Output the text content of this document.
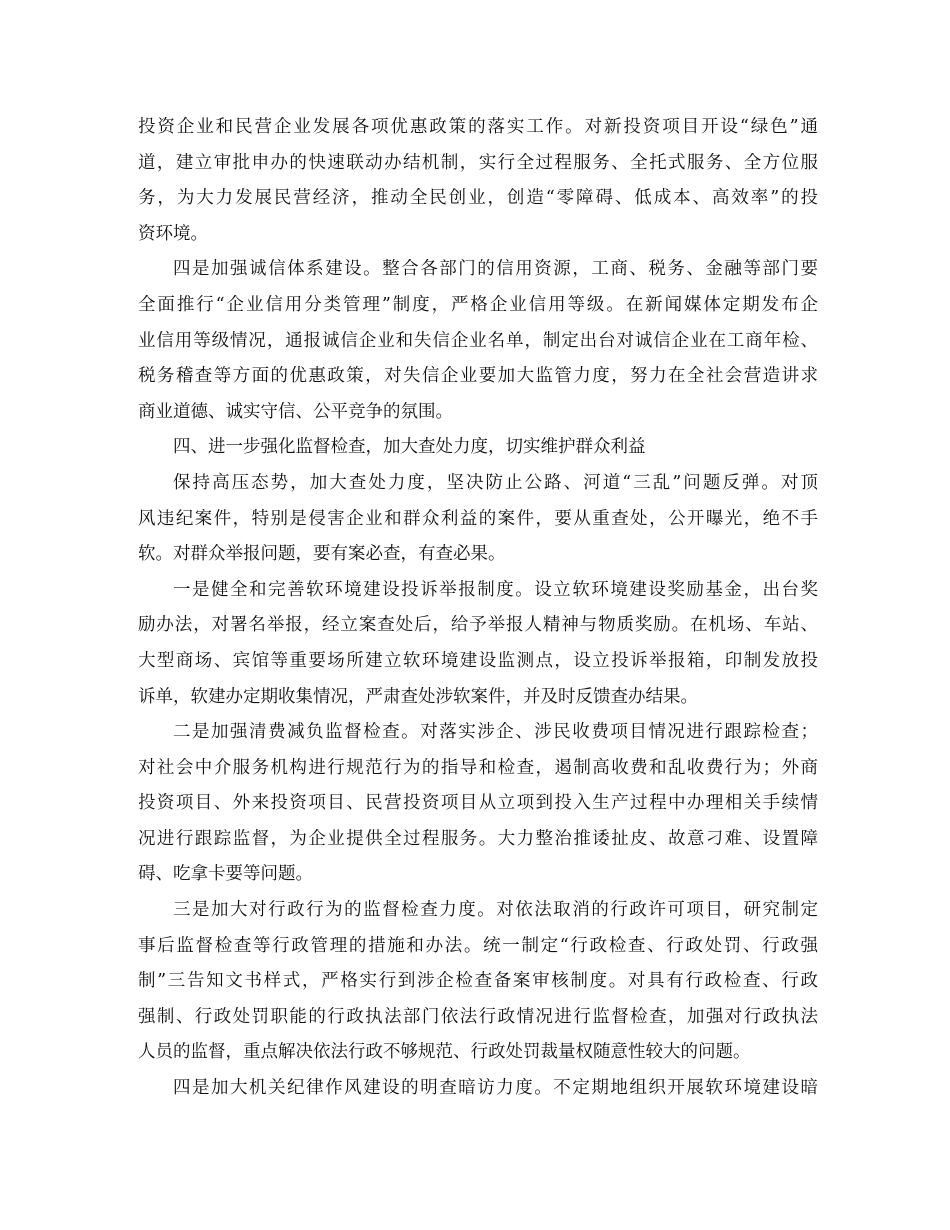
投资企业和民营企业发展各项优惠政策的落实工作。对新投资项目开设“绿色”通
道，建立审批申办的快速联动办结机制，实行全过程服务、全托式服务、全方位服
务，为大力发展民营经济，推动全民创业，创造“零障碍、低成本、高效率”的投
资环境。
四是加强诚信体系建设。整合各部门的信用资源，工商、税务、金融等部门要
全面推行“企业信用分类管理”制度，严格企业信用等级。在新闻媒体定期发布企
业信用等级情况，通报诚信企业和失信企业名单，制定出台对诚信企业在工商年检、
税务稽查等方面的优惠政策，对失信企业要加大监管力度，努力在全社会营造讲求
商业道德、诚实守信、公平竞争的氛围。
四、进一步强化监督检查，加大查处力度，切实维护群众利益
保持高压态势，加大查处力度，坚决防止公路、河道“三乱”问题反弹。对顶
风违纪案件，特别是侵害企业和群众利益的案件，要从重查处，公开曝光，绝不手
软。对群众举报问题，要有案必查，有查必果。
一是健全和完善软环境建设投诉举报制度。设立软环境建设奖励基金，出台奖
励办法，对署名举报，经立案查处后，给予举报人精神与物质奖励。在机场、车站、
大型商场、宾馆等重要场所建立软环境建设监测点，设立投诉举报箱，印制发放投
诉单，软建办定期收集情况，严肃查处涉软案件，并及时反馈查办结果。
二是加强清费减负监督检查。对落实涉企、涉民收费项目情况进行跟踪检查；
对社会中介服务机构进行规范行为的指导和检查，遏制高收费和乱收费行为；外商
投资项目、外来投资项目、民营投资项目从立项到投入生产过程中办理相关手续情
况进行跟踪监督，为企业提供全过程服务。大力整治推诿扯皮、故意刁难、设置障
碍、吃拿卡要等问题。
三是加大对行政行为的监督检查力度。对依法取消的行政许可项目，研究制定
事后监督检查等行政管理的措施和办法。统一制定“行政检查、行政处罚、行政强
制”三告知文书样式，严格实行到涉企检查备案审核制度。对具有行政检查、行政
强制、行政处罚职能的行政执法部门依法行政情况进行监督检查，加强对行政执法
人员的监督，重点解决依法行政不够规范、行政处罚裁量权随意性较大的问题。
四是加大机关纪律作风建设的明查暗访力度。不定期地组织开展软环境建设暗
